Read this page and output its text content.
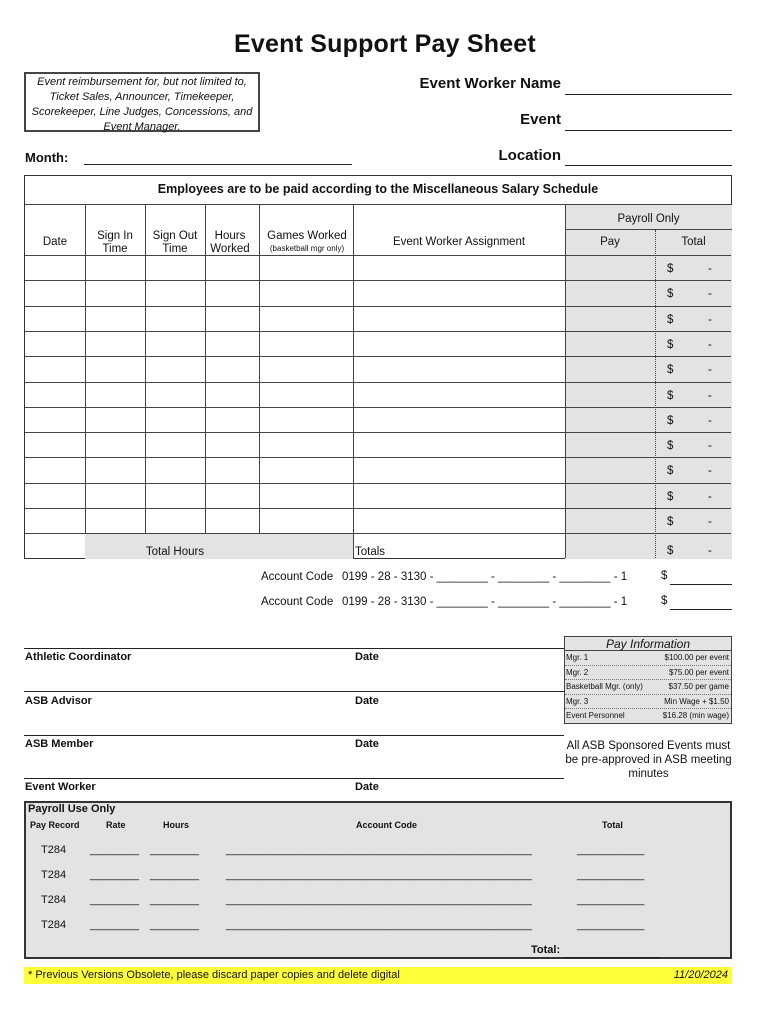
Event Support Pay Sheet
Event reimbursement for, but not limited to, Ticket Sales, Announcer, Timekeeper, Scorekeeper, Line Judges, Concessions, and Event Manager.
Event Worker Name
Event
Location
Month:
Employees are to be paid according to the Miscellaneous Salary Schedule
Payroll Only
Date	Sign In Time
Sign Out Time
Hours Worked
Games Worked
(basketball mgr only)
Event Worker Assignment	Pay	Total
$	-
$	-
$	-
$	-
$	-
$	-
$	-
$	-
$	-
$	-
$	-
Total Hours	Totals	$	-
Account Code 0199 - 28 - 3130 - ________ - ________ - ________ - 1	$
Account Code 0199 - 28 - 3130 - ________ - ________ - ________ - 1	$
Athletic Coordinator	Date
ASB Advisor	Date
ASB Member	Date
Event Worker	Date
Pay Information
Mgr. 1	$100.00 per event
Mgr. 2	$75.00 per event
Basketball Mgr. (only)	$37.50 per game
Mgr. 3	Min Wage + $1.50
Event Personnel	$16.28 (min wage)
All ASB Sponsored Events must be pre-approved in ASB meeting minutes
Payroll Use Only
Pay Record	Rate	Hours	Account Code	Total
T284 ________ ________ __________________________________________________	___________
T284 ________ ________ __________________________________________________	___________
T284 ________ ________ __________________________________________________	___________
T284 ________ ________ __________________________________________________	___________
Total:
* Previous Versions Obsolete, please discard paper copies and delete digital	11/20/2024
